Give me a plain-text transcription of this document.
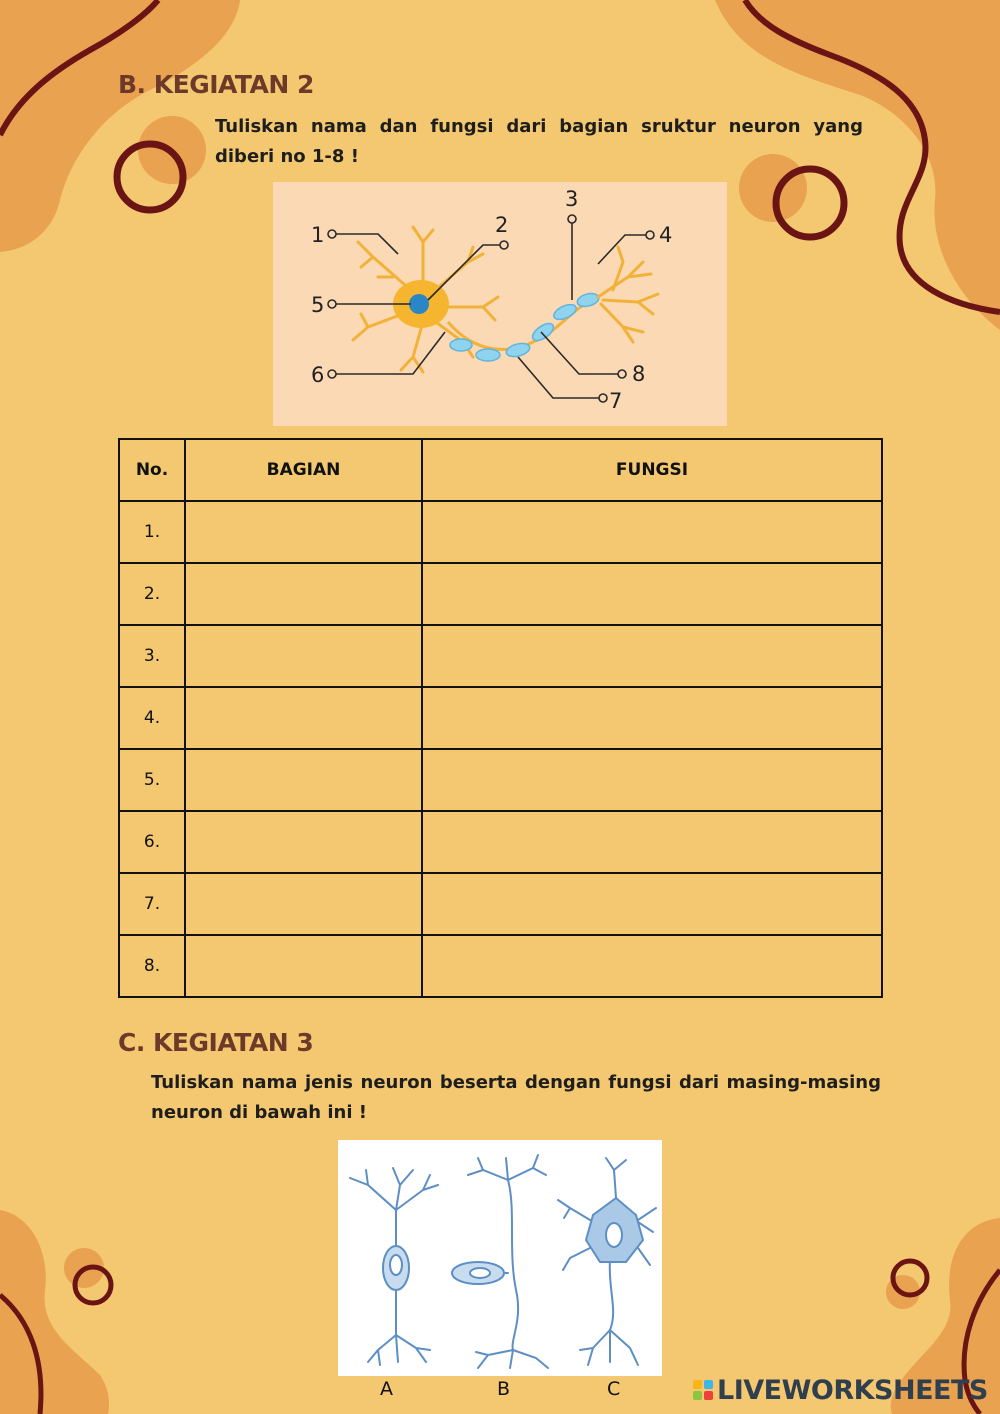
B. KEGIATAN 2
Tuliskan nama dan fungsi dari bagian sruktur neuron yang diberi no 1-8 !
1	2
3
4
5
6
7
8
No.	BAGIAN	FUNGSI
1.		
2.		
3.		
4.		
5.		
6.		
7.		
8.		
C. KEGIATAN 3
Tuliskan nama jenis neuron beserta dengan fungsi dari masing-masing neuron di bawah ini !
A	B	C	LIVEWORKSHEETS
